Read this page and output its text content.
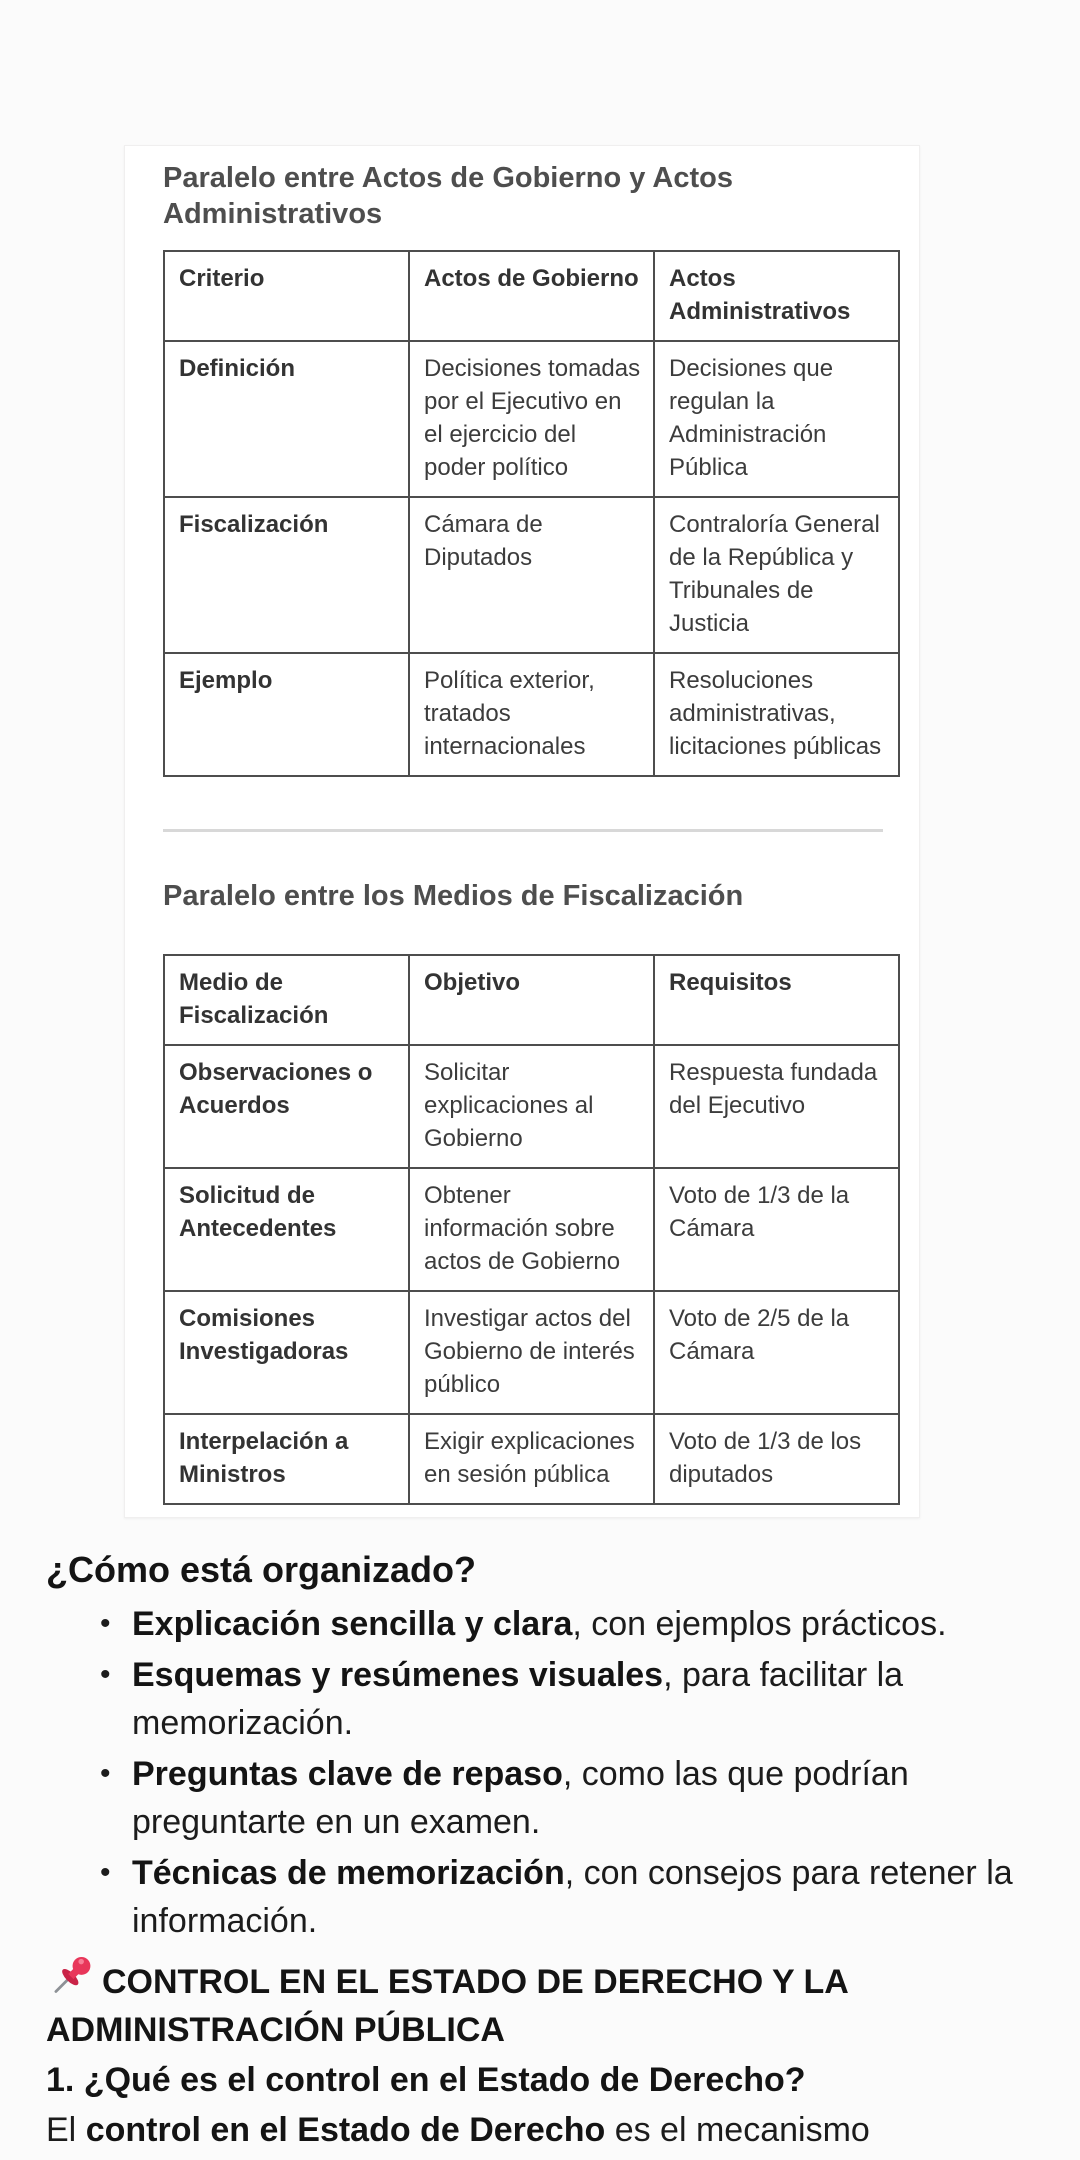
Paralelo entre Actos de Gobierno y Actos Administrativos
Criterio	Actos de Gobierno	Actos Administrativos
Definición	Decisiones tomadas por el Ejecutivo en el ejercicio del poder político	Decisiones que regulan la Administración Pública
Fiscalización	Cámara de Diputados	Contraloría General de la República y Tribunales de Justicia
Ejemplo	Política exterior, tratados internacionales	Resoluciones administrativas, licitaciones públicas
Paralelo entre los Medios de Fiscalización
Medio de Fiscalización	Objetivo	Requisitos
Observaciones o Acuerdos	Solicitar explicaciones al Gobierno	Respuesta fundada del Ejecutivo
Solicitud de Antecedentes	Obtener información sobre actos de Gobierno	Voto de 1/3 de la Cámara
Comisiones Investigadoras	Investigar actos del Gobierno de interés público	Voto de 2/5 de la Cámara
Interpelación a Ministros	Exigir explicaciones en sesión pública	Voto de 1/3 de los diputados
¿Cómo está organizado?
• Explicación sencilla y clara, con ejemplos prácticos.
• Esquemas y resúmenes visuales, para facilitar la memorización.
• Preguntas clave de repaso, como las que podrían preguntarte en un examen.
• Técnicas de memorización, con consejos para retener la información.

CONTROL EN EL ESTADO DE DERECHO Y LA ADMINISTRACIÓN PÚBLICA

1. ¿Qué es el control en el Estado de Derecho?

El control en el Estado de Derecho es el mecanismo
